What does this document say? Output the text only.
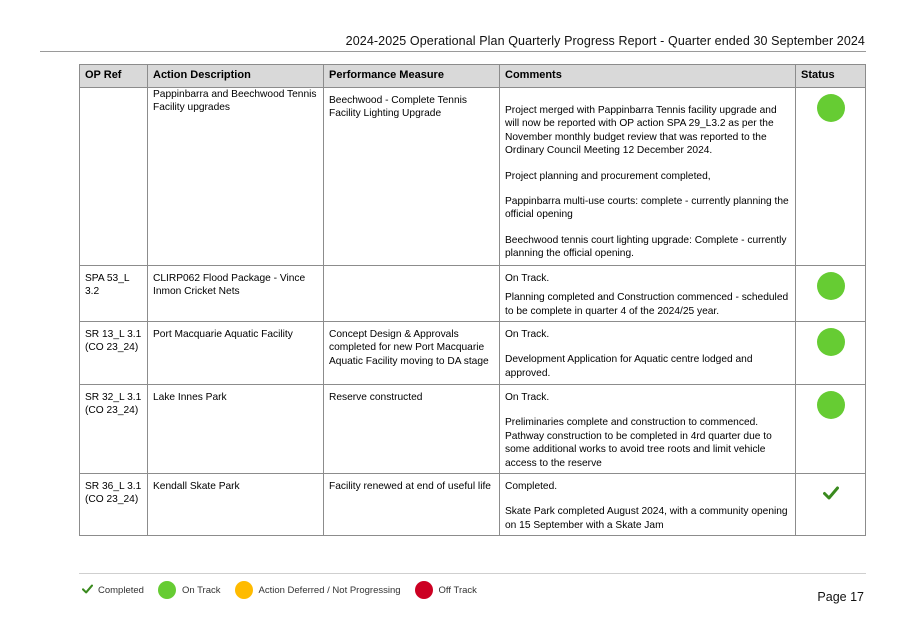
2024-2025 Operational Plan Quarterly Progress Report - Quarter ended 30 September 2024
OP Ref	Action Description	Performance Measure	Comments	Status

	Pappinbarra and Beechwood Tennis Facility upgrades	Beechwood - Complete Tennis Facility Lighting Upgrade	Project merged with Pappinbarra Tennis facility upgrade and will now be reported with OP action SPA 29_L3.2 as per the November monthly budget review that was reported to the Ordinary Council Meeting 12 December 2024.

Project planning and procurement completed,

Pappinbarra multi-use courts: complete - currently planning the official opening

Beechwood tennis court lighting upgrade: Complete - currently planning the official opening.	

SPA 53_L 3.2	CLIRP062 Flood Package - Vince Inmon Cricket Nets		On Track.

Planning completed and Construction commenced - scheduled to be complete in quarter 4 of the 2024/25 year.	

SR 13_L 3.1 (CO 23_24)	Port Macquarie Aquatic Facility	Concept Design & Approvals completed for new Port Macquarie Aquatic Facility moving to DA stage	On Track.

Development Application for Aquatic centre lodged and approved.	

SR 32_L 3.1 (CO 23_24)	Lake Innes Park	Reserve constructed	On Track.

Preliminaries complete and construction to commenced. Pathway construction to be completed in 4rd quarter due to some additional works to avoid tree roots and limit vehicle access to the reserve	

SR 36_L 3.1 (CO 23_24)	Kendall Skate Park	Facility renewed at end of useful life	Completed.

Skate Park completed August 2024, with a community opening on 15 September with a Skate Jam

Completed	On Track	Action Deferred / Not Progressing	Off Track	Page 17
